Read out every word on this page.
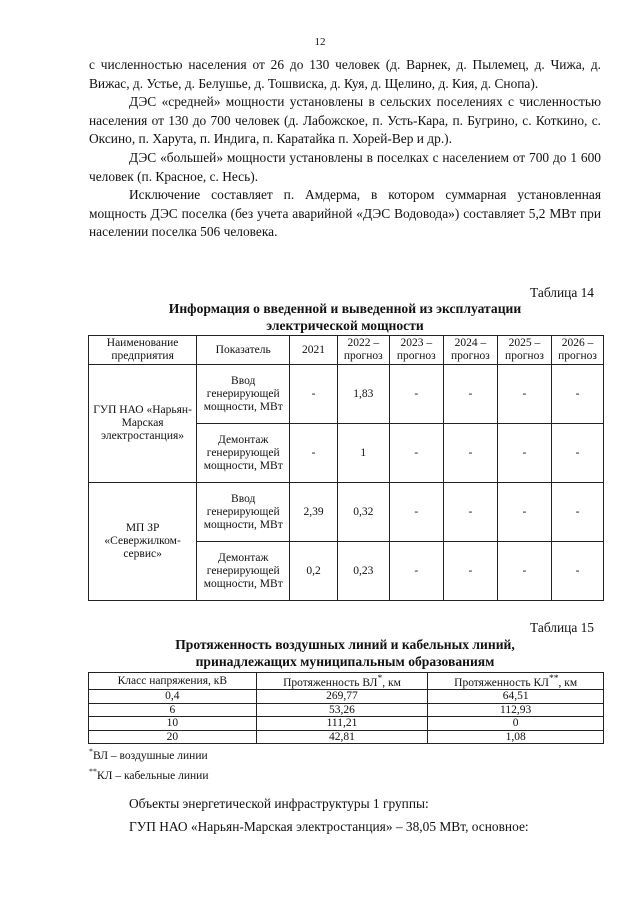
12

с численностью населения от 26 до 130 человек (д. Варнек, д. Пылемец, д. Чижа, д. Вижас, д. Устье, д. Белушье, д. Тошвиска, д. Куя, д. Щелино, д. Кия, д. Снопа).

ДЭС «средней» мощности установлены в сельских поселениях с численностью населения от 130 до 700 человек (д. Лабожское, п. Усть-Кара, п. Бугрино, с. Коткино, с. Оксино, п. Харута, п. Индига, п. Каратайка п. Хорей-Вер и др.).

ДЭС «большей» мощности установлены в поселках с населением от 700 до 1 600 человек (п. Красное, с. Несь).

Исключение составляет п. Амдерма, в котором суммарная установленная мощность ДЭС поселка (без учета аварийной «ДЭС Водовода») составляет 5,2 МВт при населении поселка 506 человека.

Таблица 14
Информация о введенной и выведенной из эксплуатации
электрической мощности
Наименование предприятия	Показатель	2021	2022 – прогноз	2023 – прогноз	2024 – прогноз	2025 – прогноз	2026 – прогноз
ГУП НАО «Нарьян-Марская электростанция»	Ввод генерирующей мощности, МВт	-	1,83	-	-	-	-
	Демонтаж генерирующей мощности, МВт	-	1	-	-	-	-
МП ЗР «Севержилком-сервис»	Ввод генерирующей мощности, МВт	2,39	0,32	-	-	-	-
	Демонтаж генерирующей мощности, МВт	0,2	0,23	-	-	-	-
Таблица 15
Протяженность воздушных линий и кабельных линий,
принадлежащих муниципальным образованиям
Класс напряжения, кВ	Протяженность ВЛ*, км	Протяженность КЛ**, км
0,4	269,77	64,51
6	53,26	112,93
10	111,21	0
20	42,81	1,08
*ВЛ – воздушные линии
**КЛ – кабельные линии

Объекты энергетической инфраструктуры 1 группы:

ГУП НАО «Нарьян-Марская электростанция» – 38,05 МВт, основное:
